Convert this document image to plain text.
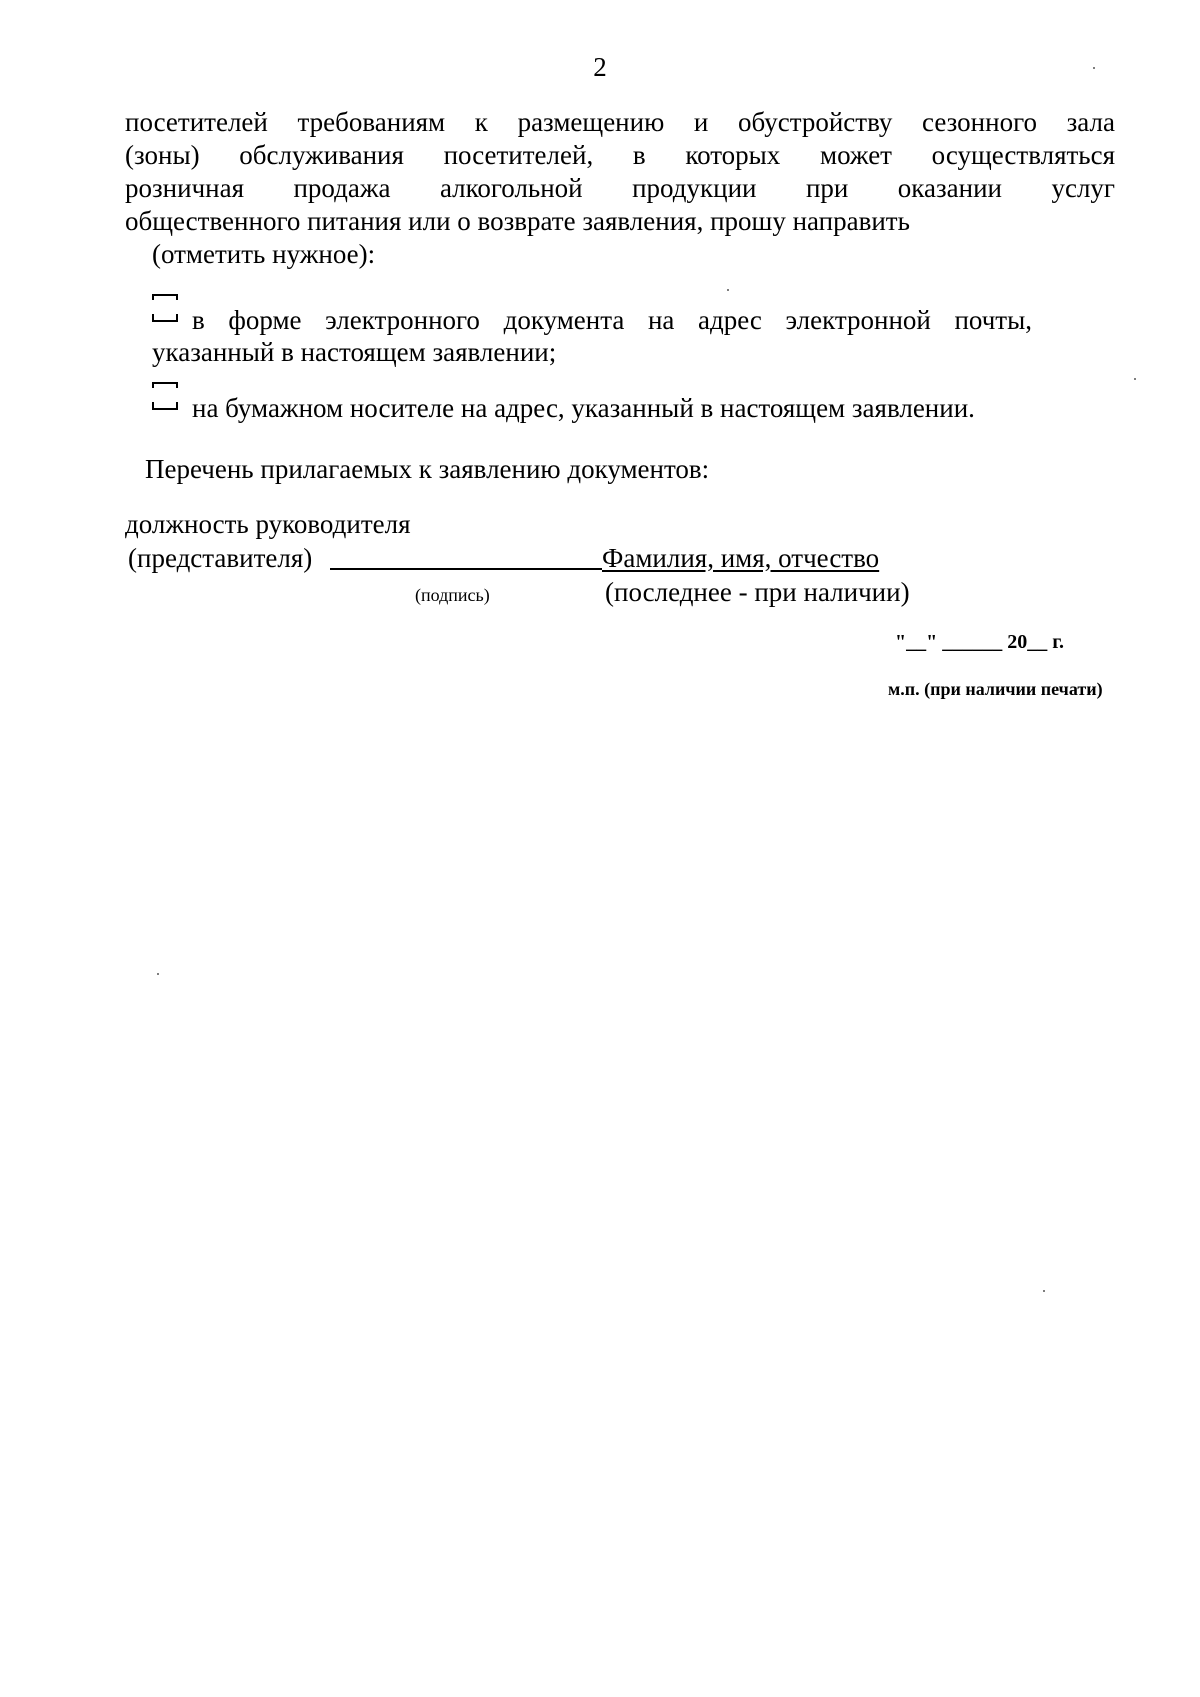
2
посетителей требованиям к размещению и обустройству сезонного зала
(зоны) обслуживания посетителей, в которых может осуществляться
розничная продажа алкогольной продукции при оказании услуг
общественного питания или о возврате заявления, прошу направить
(отметить нужное):
в форме электронного документа на адрес электронной почты,
указанный в настоящем заявлении;
на бумажном носителе на адрес, указанный в настоящем заявлении.
Перечень прилагаемых к заявлению документов:
должность руководителя
(представителя)	Фамилия, имя, отчество
(подпись)	(последнее - при наличии)
"__" ______ 20__ г.
м.п. (при наличии печати)
